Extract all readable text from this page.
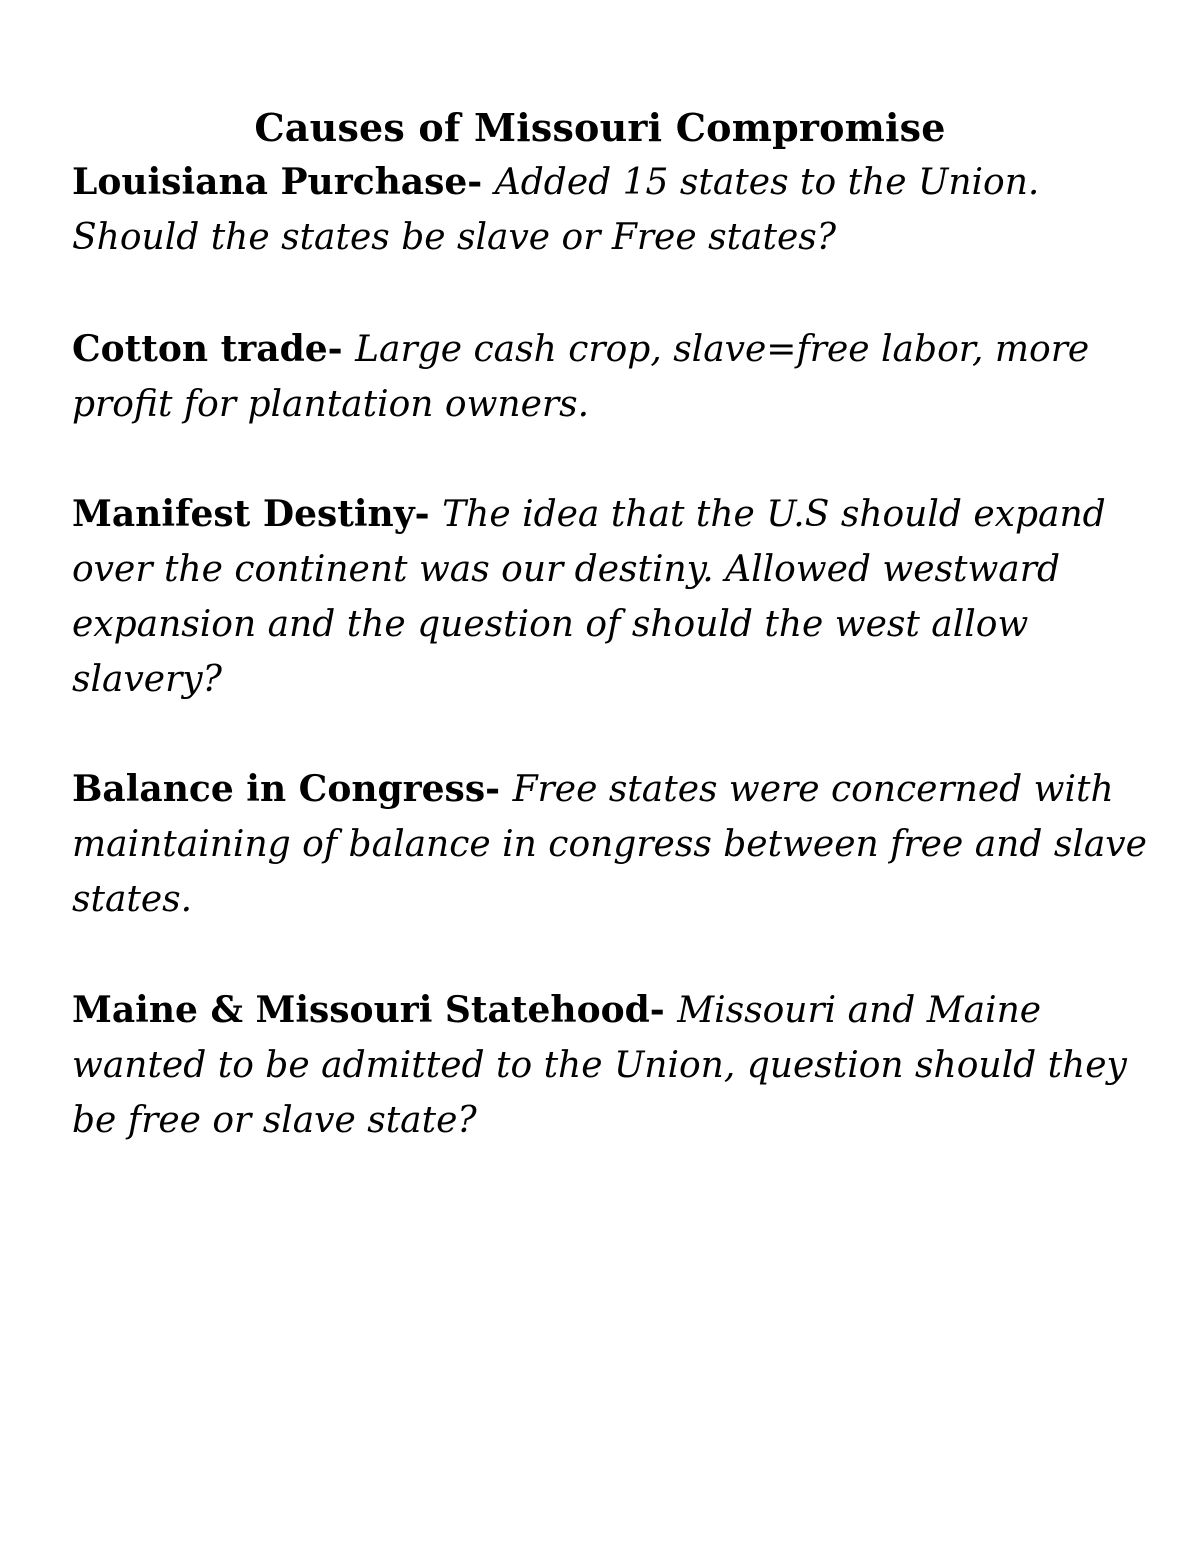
Causes of Missouri Compromise

Louisiana Purchase- Added 15 states to the Union. Should the states be slave or Free states?

Cotton trade- Large cash crop, slave=free labor, more profit for plantation owners.

Manifest Destiny- The idea that the U.S should expand over the continent was our destiny. Allowed westward expansion and the question of should the west allow slavery?

Balance in Congress- Free states were concerned with maintaining of balance in congress between free and slave states.

Maine & Missouri Statehood- Missouri and Maine wanted to be admitted to the Union, question should they be free or slave state?
